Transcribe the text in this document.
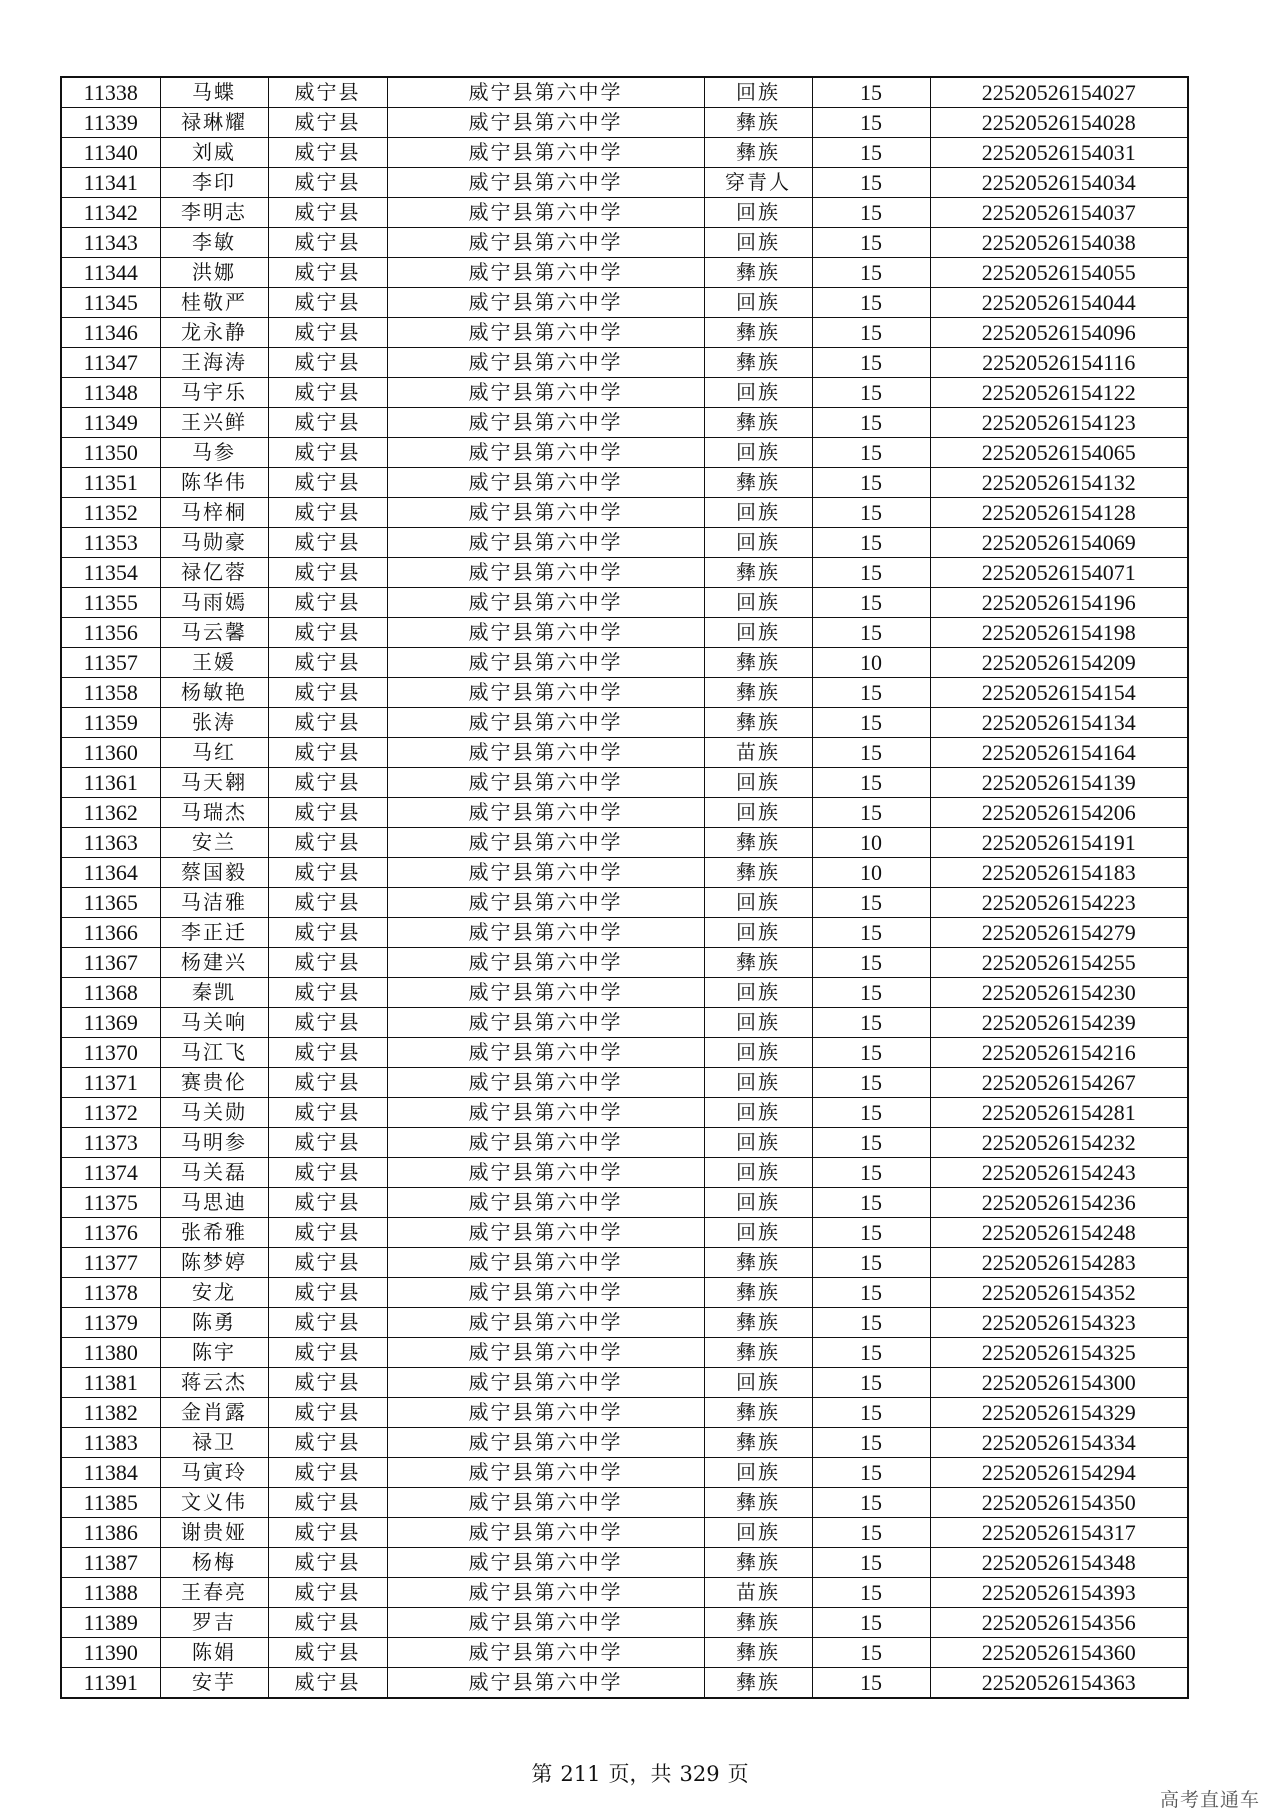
11338	马蝶	威宁县	威宁县第六中学	回族	15	22520526154027
11339	禄琳耀	威宁县	威宁县第六中学	彝族	15	22520526154028
11340	刘威	威宁县	威宁县第六中学	彝族	15	22520526154031
11341	李印	威宁县	威宁县第六中学	穿青人	15	22520526154034
11342	李明志	威宁县	威宁县第六中学	回族	15	22520526154037
11343	李敏	威宁县	威宁县第六中学	回族	15	22520526154038
11344	洪娜	威宁县	威宁县第六中学	彝族	15	22520526154055
11345	桂敬严	威宁县	威宁县第六中学	回族	15	22520526154044
11346	龙永静	威宁县	威宁县第六中学	彝族	15	22520526154096
11347	王海涛	威宁县	威宁县第六中学	彝族	15	22520526154116
11348	马宇乐	威宁县	威宁县第六中学	回族	15	22520526154122
11349	王兴鲜	威宁县	威宁县第六中学	彝族	15	22520526154123
11350	马参	威宁县	威宁县第六中学	回族	15	22520526154065
11351	陈华伟	威宁县	威宁县第六中学	彝族	15	22520526154132
11352	马梓桐	威宁县	威宁县第六中学	回族	15	22520526154128
11353	马勋豪	威宁县	威宁县第六中学	回族	15	22520526154069
11354	禄亿蓉	威宁县	威宁县第六中学	彝族	15	22520526154071
11355	马雨嫣	威宁县	威宁县第六中学	回族	15	22520526154196
11356	马云馨	威宁县	威宁县第六中学	回族	15	22520526154198
11357	王媛	威宁县	威宁县第六中学	彝族	10	22520526154209
11358	杨敏艳	威宁县	威宁县第六中学	彝族	15	22520526154154
11359	张涛	威宁县	威宁县第六中学	彝族	15	22520526154134
11360	马红	威宁县	威宁县第六中学	苗族	15	22520526154164
11361	马天翱	威宁县	威宁县第六中学	回族	15	22520526154139
11362	马瑞杰	威宁县	威宁县第六中学	回族	15	22520526154206
11363	安兰	威宁县	威宁县第六中学	彝族	10	22520526154191
11364	蔡国毅	威宁县	威宁县第六中学	彝族	10	22520526154183
11365	马洁雅	威宁县	威宁县第六中学	回族	15	22520526154223
11366	李正迁	威宁县	威宁县第六中学	回族	15	22520526154279
11367	杨建兴	威宁县	威宁县第六中学	彝族	15	22520526154255
11368	秦凯	威宁县	威宁县第六中学	回族	15	22520526154230
11369	马关响	威宁县	威宁县第六中学	回族	15	22520526154239
11370	马江飞	威宁县	威宁县第六中学	回族	15	22520526154216
11371	赛贵伦	威宁县	威宁县第六中学	回族	15	22520526154267
11372	马关勋	威宁县	威宁县第六中学	回族	15	22520526154281
11373	马明参	威宁县	威宁县第六中学	回族	15	22520526154232
11374	马关磊	威宁县	威宁县第六中学	回族	15	22520526154243
11375	马思迪	威宁县	威宁县第六中学	回族	15	22520526154236
11376	张希雅	威宁县	威宁县第六中学	回族	15	22520526154248
11377	陈梦婷	威宁县	威宁县第六中学	彝族	15	22520526154283
11378	安龙	威宁县	威宁县第六中学	彝族	15	22520526154352
11379	陈勇	威宁县	威宁县第六中学	彝族	15	22520526154323
11380	陈宇	威宁县	威宁县第六中学	彝族	15	22520526154325
11381	蒋云杰	威宁县	威宁县第六中学	回族	15	22520526154300
11382	金肖露	威宁县	威宁县第六中学	彝族	15	22520526154329
11383	禄卫	威宁县	威宁县第六中学	彝族	15	22520526154334
11384	马寅玲	威宁县	威宁县第六中学	回族	15	22520526154294
11385	文义伟	威宁县	威宁县第六中学	彝族	15	22520526154350
11386	谢贵娅	威宁县	威宁县第六中学	回族	15	22520526154317
11387	杨梅	威宁县	威宁县第六中学	彝族	15	22520526154348
11388	王春亮	威宁县	威宁县第六中学	苗族	15	22520526154393
11389	罗吉	威宁县	威宁县第六中学	彝族	15	22520526154356
11390	陈娟	威宁县	威宁县第六中学	彝族	15	22520526154360
11391	安芋	威宁县	威宁县第六中学	彝族	15	22520526154363
第 211 页，共 329 页
高考直通车
